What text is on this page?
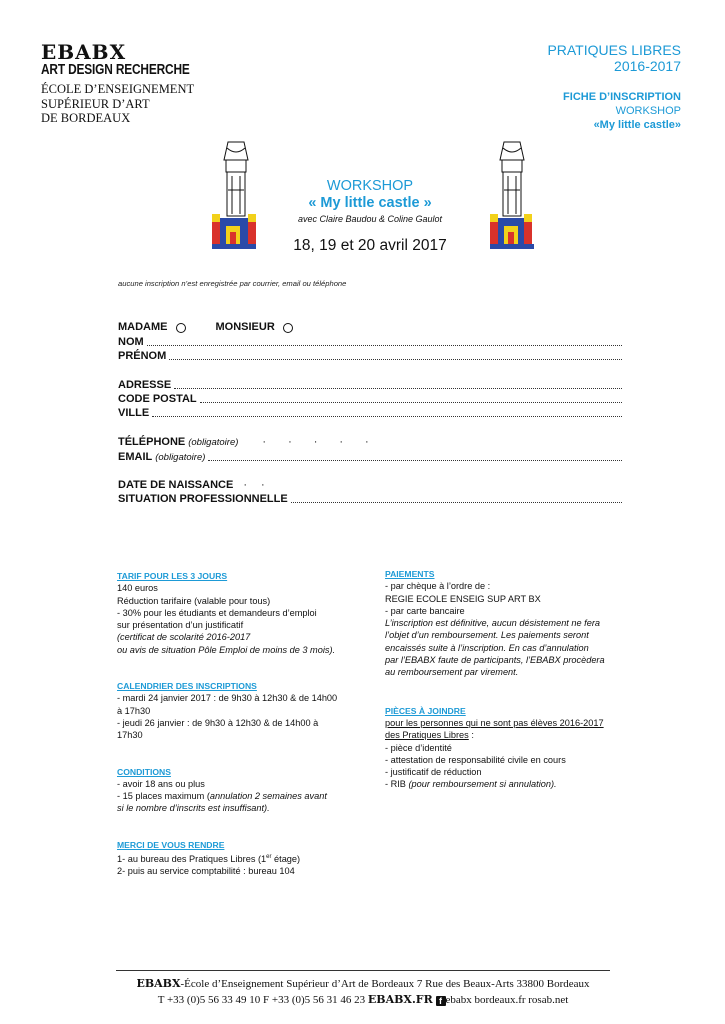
EBABX
ART DESIGN RECHERCHE
ÉCOLE D’ENSEIGNEMENT
SUPÉRIEUR D’ART
DE BORDEAUX
PRATIQUES LIBRES
2016-2017
FICHE D’INSCRIPTION
WORKSHOP
«My little castle»
WORKSHOP
« My little castle »
avec Claire Baudou & Coline Gaulot
18, 19 et 20 avril 2017
aucune inscription n’est enregistrée par courrier, email ou téléphone
MADAME	MONSIEUR
NOM
PRÉNOM
ADRESSE
CODE POSTAL
VILLE
TÉLÉPHONE (obligatoire) ·····
EMAIL (obligatoire)
DATE DE NAISSANCE ··
SITUATION PROFESSIONNELLE
TARIF POUR LES 3 JOURS
140 euros
Réduction tarifaire (valable pour tous)
- 30% pour les étudiants et demandeurs d’emploi
sur présentation d’un justificatif
(certificat de scolarité 2016-2017
ou avis de situation Pôle Emploi de moins de 3 mois).
CALENDRIER DES INSCRIPTIONS
- mardi 24 janvier 2017 : de 9h30 à 12h30 & de 14h00
à 17h30
- jeudi 26 janvier : de 9h30 à 12h30 & de 14h00 à
17h30
CONDITIONS
- avoir 18 ans ou plus
- 15 places maximum (annulation 2 semaines avant
si le nombre d’inscrits est insuffisant).
MERCI DE VOUS RENDRE
1- au bureau des Pratiques Libres (1er étage)
2- puis au service comptabilité : bureau 104
PAIEMENTS
- par chèque à l’ordre de :
REGIE ECOLE ENSEIG SUP ART BX
- par carte bancaire
L’inscription est définitive, aucun désistement ne fera
l’objet d’un remboursement. Les paiements seront
encaissés suite à l’inscription. En cas d’annulation
par l’EBABX faute de participants, l’EBABX procèdera
au remboursement par virement.
PIÈCES À JOINDRE
pour les personnes qui ne sont pas élèves 2016-2017
des Pratiques Libres :
- pièce d’identité
- attestation de responsabilité civile en cours
- justificatif de réduction
- RIB (pour remboursement si annulation).
EBABX-École d’Enseignement Supérieur d’Art de Bordeaux 7 Rue des Beaux-Arts 33800 Bordeaux
T +33 (0)5 56 33 49 10 F +33 (0)5 56 31 46 23 EBABX.FR f ebabx bordeaux.fr rosab.net
